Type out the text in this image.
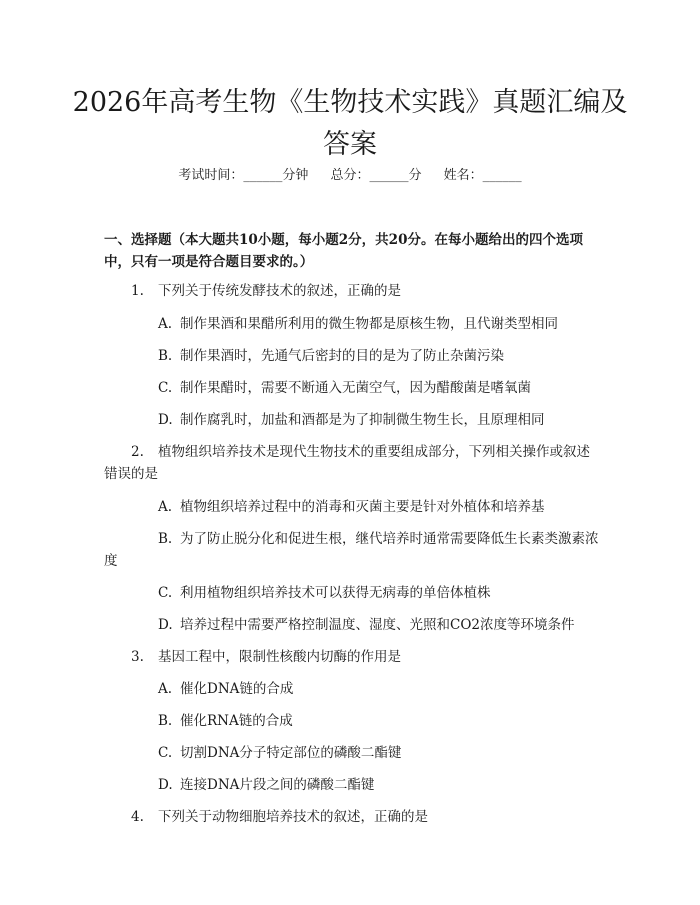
2026年高考生物《生物技术实践》真题汇编及答案
考试时间：______分钟 总分：______分 姓名：______
一、选择题（本大题共10小题，每小题2分，共20分。在每小题给出的四个选项中，只有一项是符合题目要求的。）
1. 下列关于传统发酵技术的叙述，正确的是
A. 制作果酒和果醋所利用的微生物都是原核生物，且代谢类型相同
B. 制作果酒时，先通气后密封的目的是为了防止杂菌污染
C. 制作果醋时，需要不断通入无菌空气，因为醋酸菌是嗜氧菌
D. 制作腐乳时，加盐和酒都是为了抑制微生物生长，且原理相同
2. 植物组织培养技术是现代生物技术的重要组成部分，下列相关操作或叙述错误的是
A. 植物组织培养过程中的消毒和灭菌主要是针对外植体和培养基
B. 为了防止脱分化和促进生根，继代培养时通常需要降低生长素类激素浓度
C. 利用植物组织培养技术可以获得无病毒的单倍体植株
D. 培养过程中需要严格控制温度、湿度、光照和CO2浓度等环境条件
3. 基因工程中，限制性核酸内切酶的作用是
A. 催化DNA链的合成
B. 催化RNA链的合成
C. 切割DNA分子特定部位的磷酸二酯键
D. 连接DNA片段之间的磷酸二酯键
4. 下列关于动物细胞培养技术的叙述，正确的是
